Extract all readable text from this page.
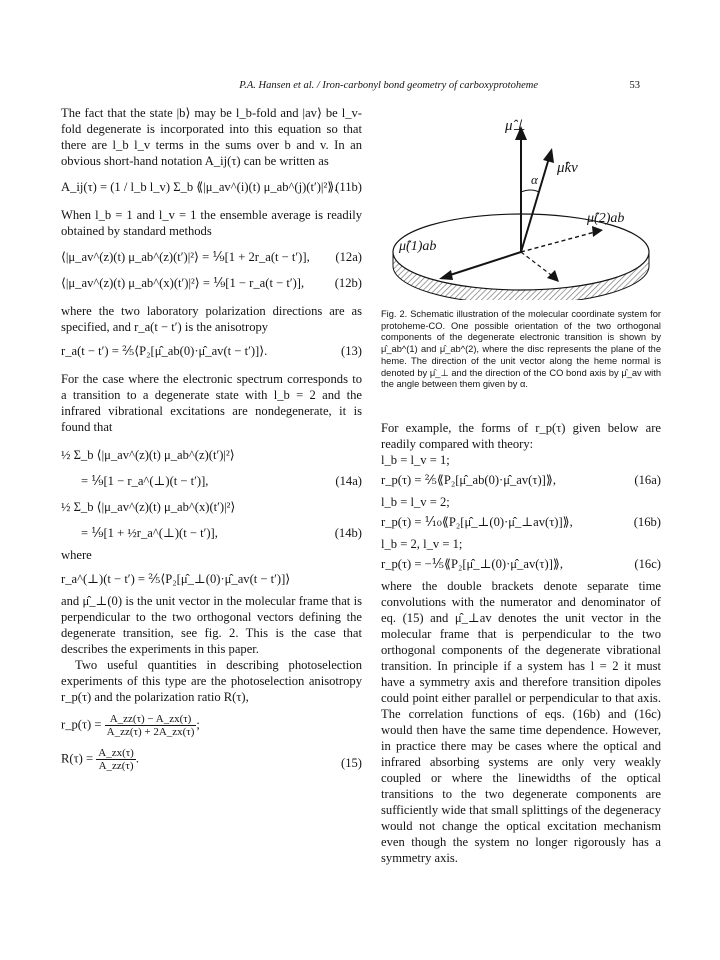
P.A. Hansen et al. / Iron-carbonyl bond geometry of carboxyprotoheme	53

The fact that the state |b⟩ may be l_b-fold and |av⟩ be l_v-fold degenerate is incorporated into this equation so that there are l_b l_v terms in the sums over b and v. In an obvious short-hand notation A_ij(τ) can be written as

A_ij(τ) = (1 / l_b l_v) Σ_b ⟪|μ_av^(i)(t) μ_ab^(j)(t′)|²⟫.
(11b)

When l_b = 1 and l_v = 1 the ensemble average is readily obtained by standard methods

⟨|μ_av^(z)(t) μ_ab^(z)(t′)|²⟩ = ⅑[1 + 2r_a(t − t′)], (12a)
⟨|μ_av^(z)(t) μ_ab^(x)(t′)|²⟩ = ⅑[1 − r_a(t − t′)], (12b)

where the two laboratory polarization directions are as specified, and r_a(t − t′) is the anisotropy

r_a(t − t′) = ⅖⟨P₂[μ̂_ab(0)·μ̂_av(t − t′)]⟩.	(13)

For the case where the electronic spectrum corresponds to a transition to a degenerate state with l_b = 2 and the infrared vibrational excitations are nondegenerate, it is found that

½ Σ_b ⟨|μ_av^(z)(t) μ_ab^(z)(t′)|²⟩
= ⅑[1 − r_a^(⊥)(t − t′)],	(14a)
½ Σ_b ⟨|μ_av^(z)(t) μ_ab^(x)(t′)|²⟩
= ⅑[1 + ½r_a^(⊥)(t − t′)],	(14b)

where

r_a^(⊥)(t − t′) = ⅖⟨P₂[μ̂_⊥(0)·μ̂_av(t − t′)]⟩

and μ̂_⊥(0) is the unit vector in the molecular frame that is perpendicular to the two orthogonal vectors defining the degenerate transition, see fig. 2. This is the case that describes the experiments in this paper.

Two useful quantities in describing photoselection experiments of this type are the photoselection anisotropy r_p(τ) and the polarization ratio R(τ),

r_p(τ) = $\frac{A\_zz(\tau) - A\_zx(\tau)}{A\_zz(\tau) + 2A\_zx(\tau)}$ ;
$R(\tau) = \frac{A\_zx(\tau)}{A\_zz(\tau)}$ .	(15)
μ̂⊥
μ̂kv
α
μ̂(1)ab
μ̂(2)ab
Fig. 2. Schematic illustration of the molecular coordinate system for protoheme-CO. One possible orientation of the two orthogonal components of the degenerate electronic transition is shown by μ̂_ab^(1) and μ̂_ab^(2), where the disc represents the plane of the heme. The direction of the unit vector along the heme normal is denoted by μ̂_⊥ and the direction of the CO bond axis by μ̂_av with the angle between them given by α.

For example, the forms of r_p(τ) given below are readily compared with theory:

l_b = l_v = 1;

r_p(τ) = ⅖⟪P₂[μ̂_ab(0)·μ̂_av(τ)]⟫,	(16a)

l_b = l_v = 2;

r_p(τ) = ⅒⟪P₂[μ̂_⊥(0)·μ̂_⊥av(τ)]⟫,	(16b)

l_b = 2, l_v = 1;

r_p(τ) = −⅕⟪P₂[μ̂_⊥(0)·μ̂_av(τ)]⟫,	(16c)

where the double brackets denote separate time convolutions with the numerator and denominator of eq. (15) and μ̂_⊥av denotes the unit vector in the molecular frame that is perpendicular to the two orthogonal components of the degenerate vibrational transition. In principle if a system has l = 2 it must have a symmetry axis and therefore transition dipoles could point either parallel or perpendicular to that axis. The correlation functions of eqs. (16b) and (16c) would then have the same time dependence. However, in practice there may be cases where the optical and infrared absorbing systems are only very weakly coupled or where the linewidths of the optical transitions to the two degenerate components are sufficiently wide that small splittings of the degeneracy would not change the optical excitation mechanism even though the system no longer rigorously has a symmetry axis.
